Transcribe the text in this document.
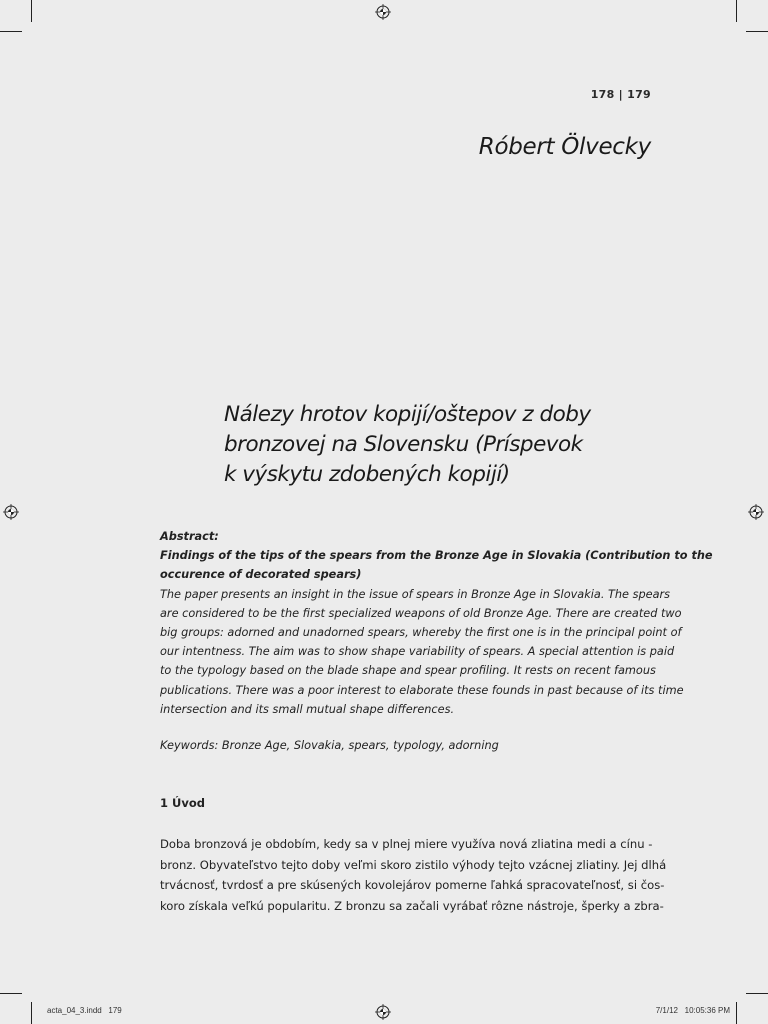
178 | 179
Róbert Ölvecky
Nálezy hrotov kopijí/oštepov z doby
bronzovej na Slovensku (Príspevok
k výskytu zdobených kopijí)
Abstract:
Findings of the tips of the spears from the Bronze Age in Slovakia (Contribution to the
occurence of decorated spears)
The paper presents an insight in the issue of spears in Bronze Age in Slovakia. The spears
are considered to be the first specialized weapons of old Bronze Age. There are created two
big groups: adorned and unadorned spears, whereby the first one is in the principal point of
our intentness. The aim was to show shape variability of spears. A special attention is paid
to the typology based on the blade shape and spear profiling. It rests on recent famous
publications. There was a poor interest to elaborate these founds in past because of its time
intersection and its small mutual shape differences.
Keywords: Bronze Age, Slovakia, spears, typology, adorning
1 Úvod
Doba bronzová je obdobím, kedy sa v plnej miere využíva nová zliatina medi a cínu -
bronz. Obyvateľstvo tejto doby veľmi skoro zistilo výhody tejto vzácnej zliatiny. Jej dlhá
trvácnosť, tvrdosť a pre skúsených kovolejárov pomerne ľahká spracovateľnosť, si čos-
koro získala veľkú popularitu. Z bronzu sa začali vyrábať rôzne nástroje, šperky a zbra-
acta_04_3.indd   179	7/1/12   10:05:36 PM
